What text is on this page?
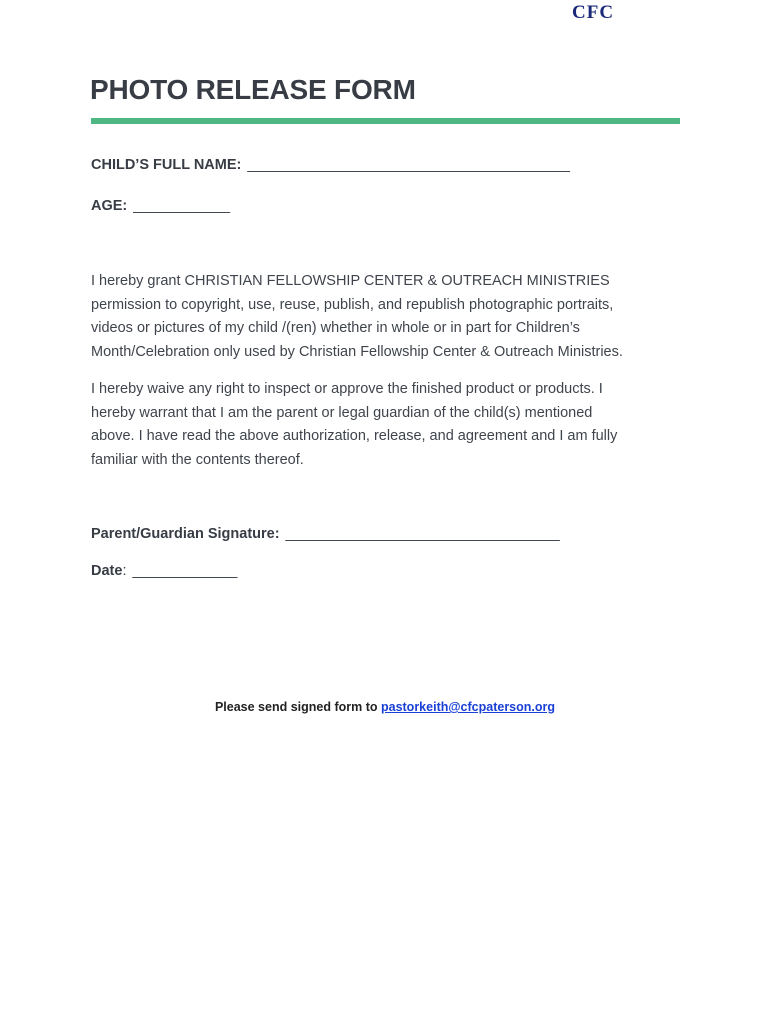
CFC
PHOTO RELEASE FORM
CHILD’S FULL NAME: ________________________________________
AGE: ____________
I hereby grant CHRISTIAN FELLOWSHIP CENTER & OUTREACH MINISTRIES
permission to copyright, use, reuse, publish, and republish photographic portraits,
videos or pictures of my child /(ren) whether in whole or in part for Children’s
Month/Celebration only used by Christian Fellowship Center & Outreach Ministries.
I hereby waive any right to inspect or approve the finished product or products. I
hereby warrant that I am the parent or legal guardian of the child(s) mentioned
above. I have read the above authorization, release, and agreement and I am fully
familiar with the contents thereof.
Parent/Guardian Signature: __________________________________
Date: _____________
Please send signed form to pastorkeith@cfcpaterson.org
